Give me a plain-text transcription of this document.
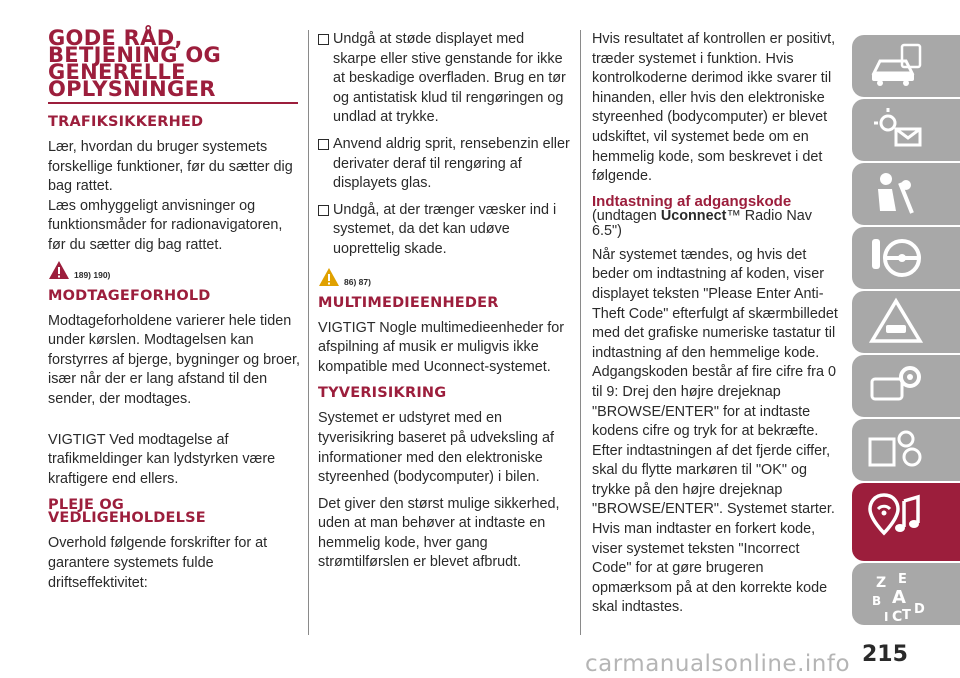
GODE RÅD,
BETJENING OG
GENERELLE
OPLYSNINGER
TRAFIKSIKKERHED
Lær, hvordan du bruger systemets forskellige funktioner, før du sætter dig bag rattet.
Læs omhyggeligt anvisninger og funktionsmåder for radionavigatoren, før du sætter dig bag rattet.
189) 190)
MODTAGEFORHOLD

Modtageforholdene varierer hele tiden under kørslen. Modtagelsen kan forstyrres af bjerge, bygninger og broer, især når der er lang afstand til den sender, der modtages.

VIGTIGT Ved modtagelse af trafikmeldinger kan lydstyrken være kraftigere end ellers.

PLEJE OG
VEDLIGEHOLDELSE

Overhold følgende forskrifter for at garantere systemets fulde driftseffektivitet:

Undgå at støde displayet med skarpe eller stive genstande for ikke at beskadige overfladen. Brug en tør og antistatisk klud til rengøringen og undlad at trykke.

Anvend aldrig sprit, rensebenzin eller derivater deraf til rengøring af displayets glas.

Undgå, at der trænger væsker ind i systemet, da det kan udøve uoprettelig skade.

86) 87)
MULTIMEDIEENHEDER

VIGTIGT Nogle multimedieenheder for afspilning af musik er muligvis ikke kompatible med Uconnect-systemet.

TYVERISIKRING

Systemet er udstyret med en tyverisikring baseret på udveksling af informationer med den elektroniske styreenhed (bodycomputer) i bilen.

Det giver den størst mulige sikkerhed, uden at man behøver at indtaste en hemmelig kode, hver gang strømtilførslen er blevet afbrudt.

Hvis resultatet af kontrollen er positivt, træder systemet i funktion. Hvis kontrolkoderne derimod ikke svarer til hinanden, eller hvis den elektroniske styreenhed (bodycomputer) er blevet udskiftet, vil systemet bede om en hemmelig kode, som beskrevet i det følgende.

Indtastning af adgangskode

(undtagen Uconnect™ Radio Nav 6.5")

Når systemet tændes, og hvis det beder om indtastning af koden, viser displayet teksten "Please Enter Anti-Theft Code" efterfulgt af skærmbilledet med det grafiske numeriske tastatur til indtastning af den hemmelige kode.
Adgangskoden består af fire cifre fra 0 til 9: Drej den højre drejeknap "BROWSE/ENTER" for at indtaste kodens cifre og tryk for at bekræfte.
Efter indtastningen af det fjerde ciffer, skal du flytte markøren til "OK" og trykke på den højre drejeknap "BROWSE/ENTER". Systemet starter.
Hvis man indtaster en forkert kode, viser systemet teksten "Incorrect Code" for at gøre brugeren opmærksom på at den korrekte kode skal indtastes.
Z E
B A
I C T D
215
carmanualsonline.info
